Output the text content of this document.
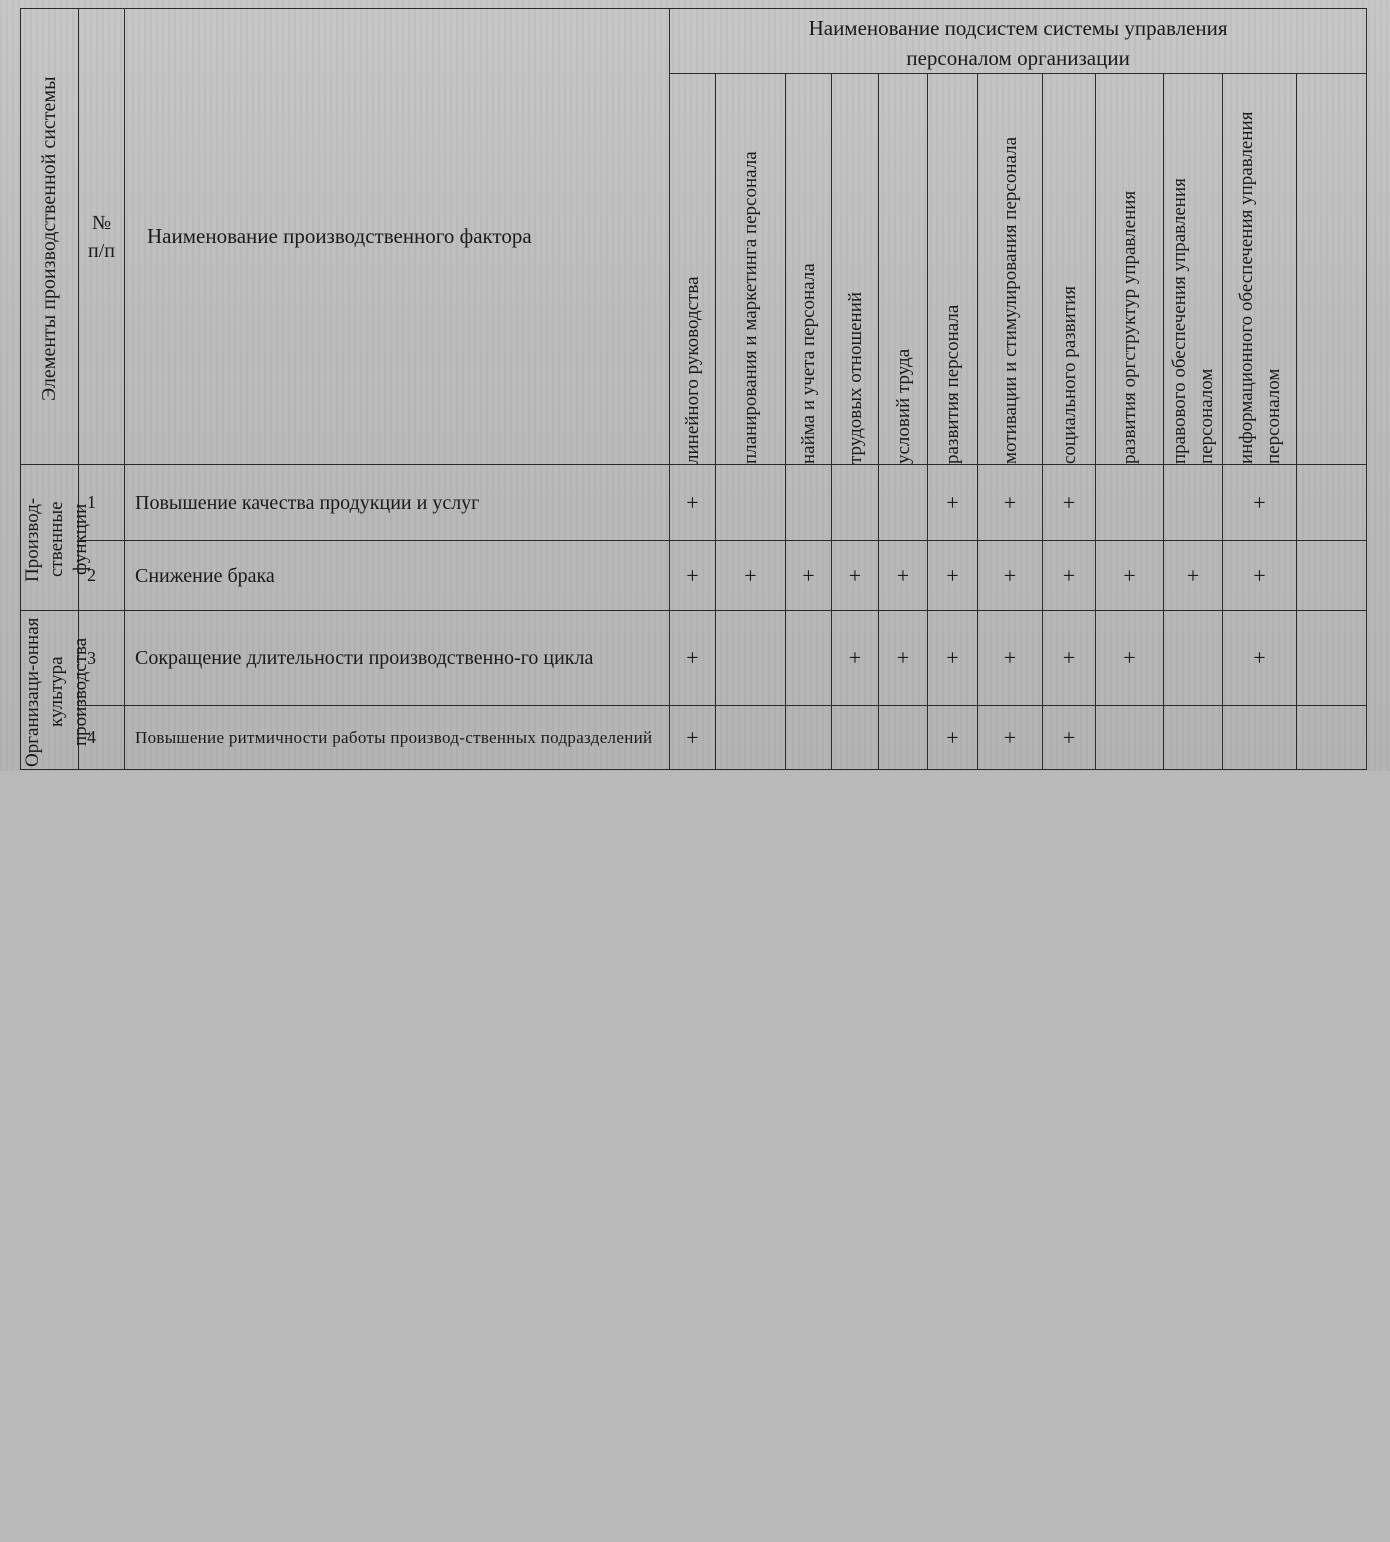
Элементы производственной системы	№ п/п	Наименование производственного фактора	Наименование подсистем системы управления персоналом организации											

линейного руководства	планирования и маркетинга персонала	найма и учета персонала	трудовых отношений	условий труда	развития персонала	мотивации и стимулирования персонала	социального развития	развития оргструктур управления	правового обеспечения управления персоналом	информационного обеспечения управления персоналом	

Производ-ственные функции	1	Повышение качества продукции и услуг	+					+	+	+			+	
	2	Снижение брака	+	+	+	+	+	+	+	+	+	+	+	

Организаци-онная культура производства	3	Сокращение длительности производственно-го цикла	+			+	+	+	+	+	+		+	
	4	Повышение ритмичности работы производ-ственных подразделений	+					+	+	+				
